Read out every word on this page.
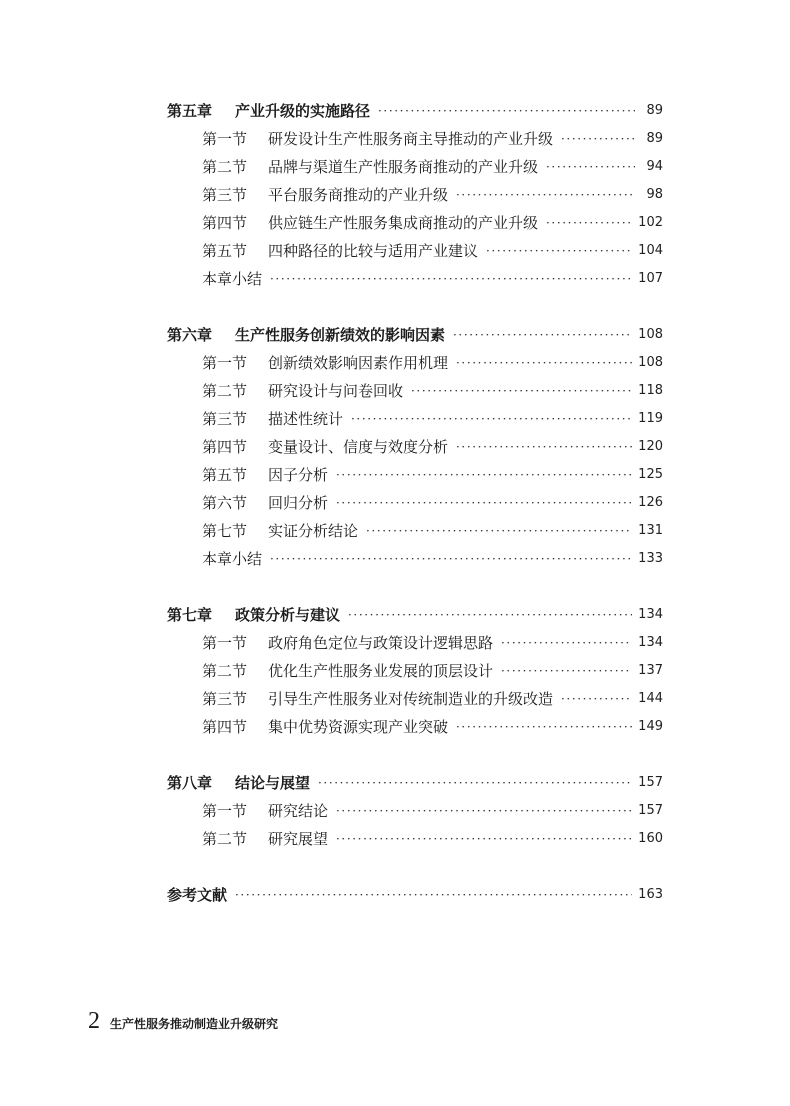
第五章 产业升级的实施路径 ·····	89
第一节 研发设计生产性服务商主导推动的产业升级 ·····	89
第二节 品牌与渠道生产性服务商推动的产业升级 ·····	94
第三节 平台服务商推动的产业升级 ·····	98
第四节 供应链生产性服务集成商推动的产业升级 ·····	102
第五节 四种路径的比较与适用产业建议 ·····	104
本章小结 ·····	107
第六章 生产性服务创新绩效的影响因素 ·····	108
第一节 创新绩效影响因素作用机理 ·····	108
第二节 研究设计与问卷回收 ·····	118
第三节 描述性统计 ·····	119
第四节 变量设计、信度与效度分析 ·····	120
第五节 因子分析 ·····	125
第六节 回归分析 ·····	126
第七节 实证分析结论 ·····	131
本章小结 ·····	133
第七章 政策分析与建议 ·····	134
第一节 政府角色定位与政策设计逻辑思路 ·····	134
第二节 优化生产性服务业发展的顶层设计 ·····	137
第三节 引导生产性服务业对传统制造业的升级改造 ·····	144
第四节 集中优势资源实现产业突破 ·····	149
第八章 结论与展望 ·····	157
第一节 研究结论 ·····	157
第二节 研究展望 ·····	160
参考文献 ·····	163
2 生产性服务推动制造业升级研究
